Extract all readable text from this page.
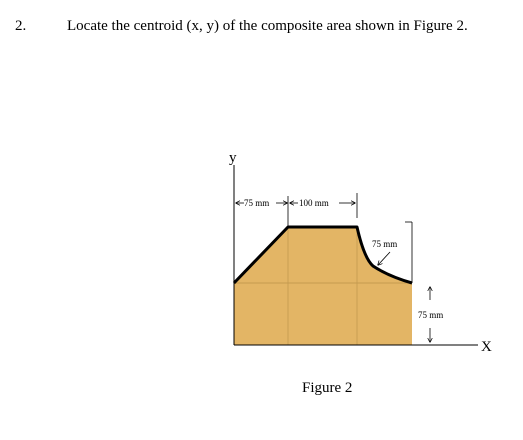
2.	Locate the centroid (x, y) of the composite area shown in Figure 2.
y
X
75 mm	100 mm
75 mm
75 mm
Figure 2
